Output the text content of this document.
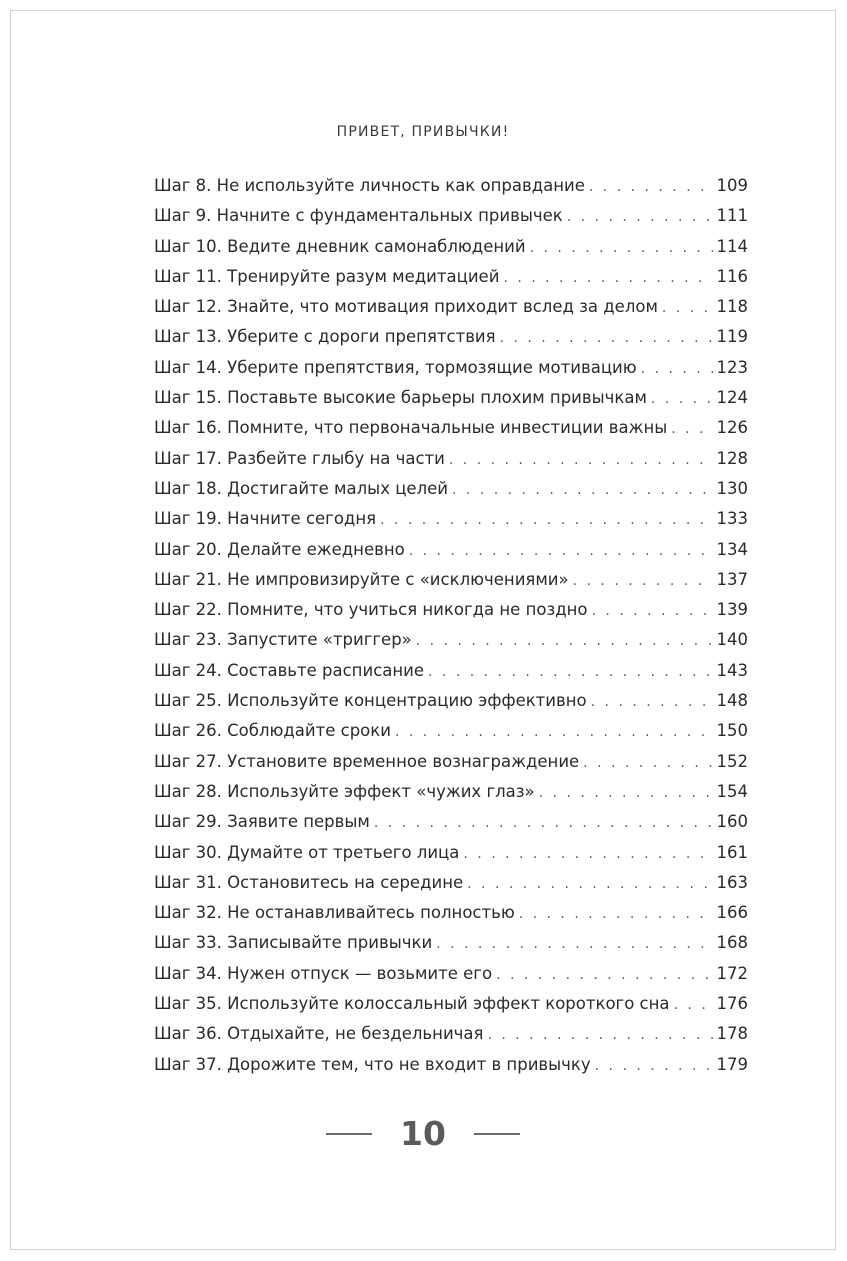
ПРИВЕТ, ПРИВЫЧКИ!
Шаг 8. Не используйте личность как оправдание . . .	109
Шаг 9. Начните с фундаментальных привычек . . .	111
Шаг 10. Ведите дневник самонаблюдений . . .	114
Шаг 11. Тренируйте разум медитацией . . .	116
Шаг 12. Знайте, что мотивация приходит вслед за делом . . .	118
Шаг 13. Уберите с дороги препятствия . . .	119
Шаг 14. Уберите препятствия, тормозящие мотивацию . . .	123
Шаг 15. Поставьте высокие барьеры плохим привычкам . . .	124
Шаг 16. Помните, что первоначальные инвестиции важны . . .	126
Шаг 17. Разбейте глыбу на части . . .	128
Шаг 18. Достигайте малых целей . . .	130
Шаг 19. Начните сегодня . . .	133
Шаг 20. Делайте ежедневно . . .	134
Шаг 21. Не импровизируйте с «исключениями» . . .	137
Шаг 22. Помните, что учиться никогда не поздно . . .	139
Шаг 23. Запустите «триггер» . . .	140
Шаг 24. Составьте расписание . . .	143
Шаг 25. Используйте концентрацию эффективно . . .	148
Шаг 26. Соблюдайте сроки . . .	150
Шаг 27. Установите временное вознаграждение . . .	152
Шаг 28. Используйте эффект «чужих глаз» . . .	154
Шаг 29. Заявите первым . . .	160
Шаг 30. Думайте от третьего лица . . .	161
Шаг 31. Остановитесь на середине . . .	163
Шаг 32. Не останавливайтесь полностью . . .	166
Шаг 33. Записывайте привычки . . .	168
Шаг 34. Нужен отпуск — возьмите его . . .	172
Шаг 35. Используйте колоссальный эффект короткого сна . . .	176
Шаг 36. Отдыхайте, не бездельничая . . .	178
Шаг 37. Дорожите тем, что не входит в привычку . . .	179
10
